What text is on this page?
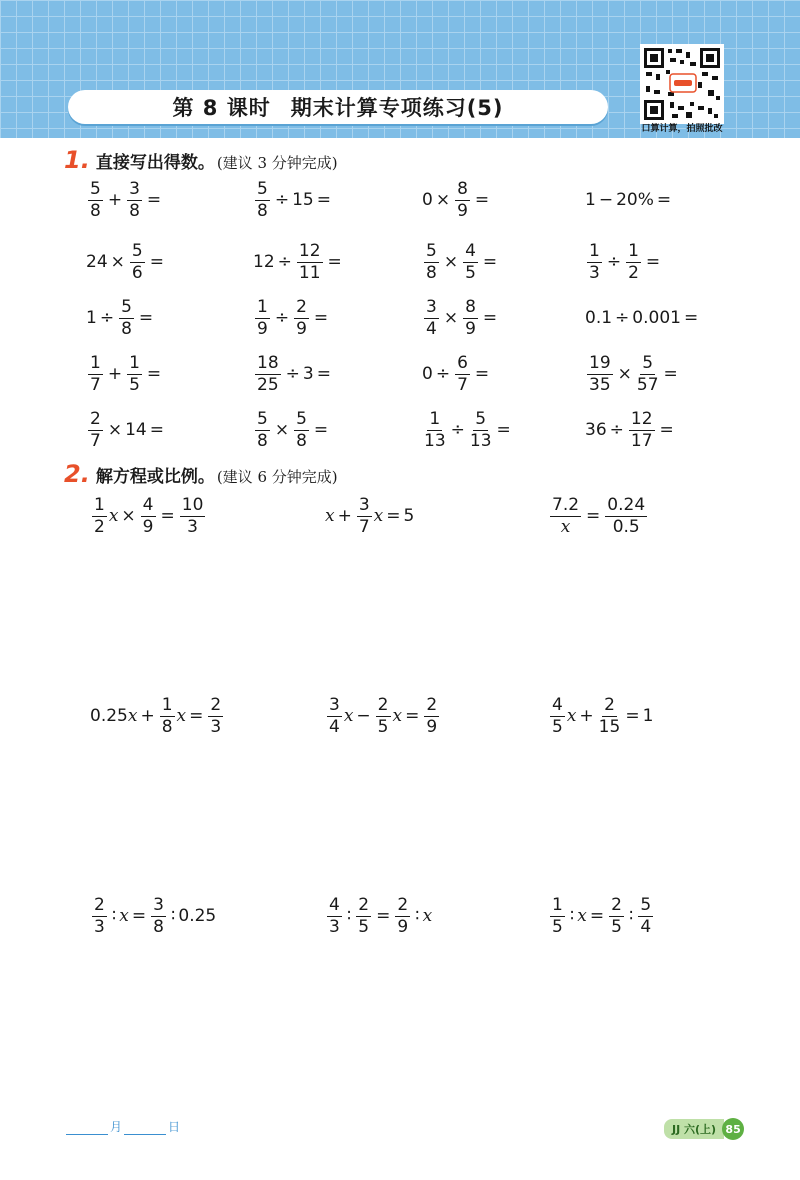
第 8 课时 期末计算专项练习(5)
口算计算，拍照批改
1. 直接写出得数。 (建议 3 分钟完成)
$\frac{5}{8} + \frac{3}{8}$ =	$\frac{5}{8} \div 15$ =	$0 \times \frac{8}{9}$ =	1 − 20% =
$24 \times \frac{5}{6}$ =	$12 \div \frac{12}{11}$ =	$\frac{5}{8} \times \frac{4}{5}$ =	$\frac{1}{3} \div \frac{1}{2}$ =
$1 \div \frac{5}{8}$ =	$\frac{1}{9} \div \frac{2}{9}$ =	$\frac{3}{4} \times \frac{8}{9}$ =	0.1 ÷ 0.001 =
$\frac{1}{7} + \frac{1}{5}$ =	$\frac{18}{25} \div 3$ =	$0 \div \frac{6}{7}$ =	$\frac{19}{35} \times \frac{5}{57}$ =
$\frac{2}{7} \times 14$ =	$\frac{5}{8} \times \frac{5}{8}$ =	$\frac{1}{13} \div \frac{5}{13}$ =	$36 \div \frac{12}{17}$ =
2. 解方程或比例。 (建议 6 分钟完成)
$\frac{1}{2}$ $x \times \frac{4}{9} = \frac{10}{3}$	$x + \frac{3}{7}$ x = 5	$\frac{7.2}{x} = \frac{0.24}{0.5}$
0.25 $x + \frac{1}{8}$ $x = \frac{2}{3}$	$\frac{3}{4}$ $x - \frac{2}{5}$ $x = \frac{2}{9}$	$\frac{4}{5}$ $x + \frac{2}{15} = 1$
$\frac{2}{3}$ ∶ $x = \frac{3}{8}$ ∶ 0.25	$\frac{4}{3}$ ∶ $\frac{2}{5} = \frac{2}{9}$ ∶ x	$\frac{1}{5}$ ∶ $x = \frac{2}{5}$ ∶ $\frac{5}{4}$
月	日	JJ 六(上) 85
